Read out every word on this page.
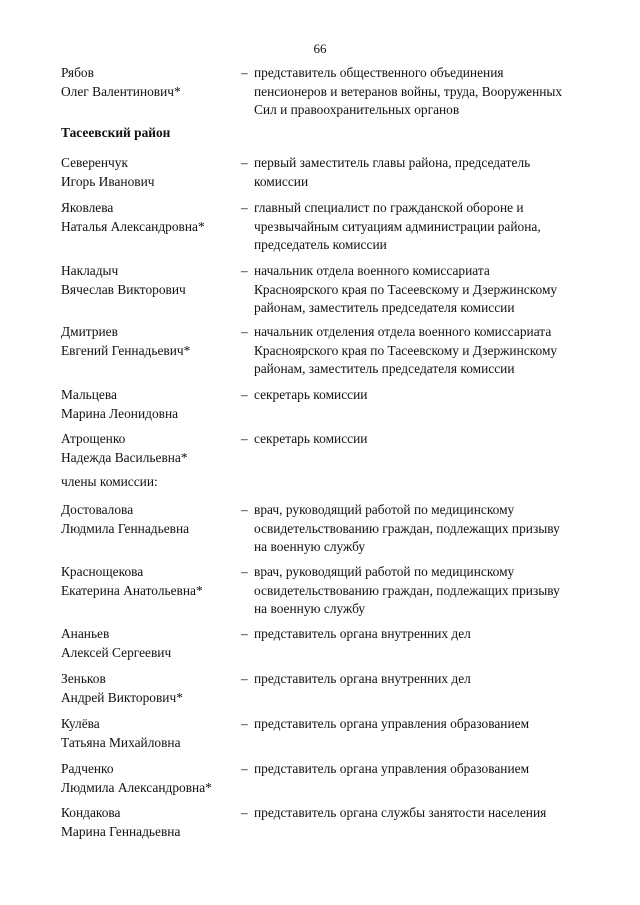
66
Рябов
Олег Валентинович*
– представитель общественного объединения
пенсионеров и ветеранов войны, труда, Вооруженных
Сил и правоохранительных органов
Тасеевский район
Северенчук
Игорь Иванович
– первый заместитель главы района, председатель
комиссии
Яковлева
Наталья Александровна*
– главный специалист по гражданской обороне и
чрезвычайным ситуациям администрации района,
председатель комиссии
Накладыч
Вячеслав Викторович
– начальник отдела военного комиссариата
Красноярского края по Тасеевскому и Дзержинскому
районам, заместитель председателя комиссии
Дмитриев
Евгений Геннадьевич*
– начальник отделения отдела военного комиссариата
Красноярского края по Тасеевскому и Дзержинскому
районам, заместитель председателя комиссии
Мальцева
Марина Леонидовна
– секретарь комиссии
Атрощенко
Надежда Васильевна*
– секретарь комиссии
члены комиссии:
Достовалова
Людмила Геннадьевна
– врач, руководящий работой по медицинскому
освидетельствованию граждан, подлежащих призыву
на военную службу
Краснощекова
Екатерина Анатольевна*
– врач, руководящий работой по медицинскому
освидетельствованию граждан, подлежащих призыву
на военную службу
Ананьев
Алексей Сергеевич
– представитель органа внутренних дел
Зеньков
Андрей Викторович*
– представитель органа внутренних дел
Кулёва
Татьяна Михайловна
– представитель органа управления образованием
Радченко
Людмила Александровна*
– представитель органа управления образованием
Кондакова
Марина Геннадьевна
– представитель органа службы занятости населения
